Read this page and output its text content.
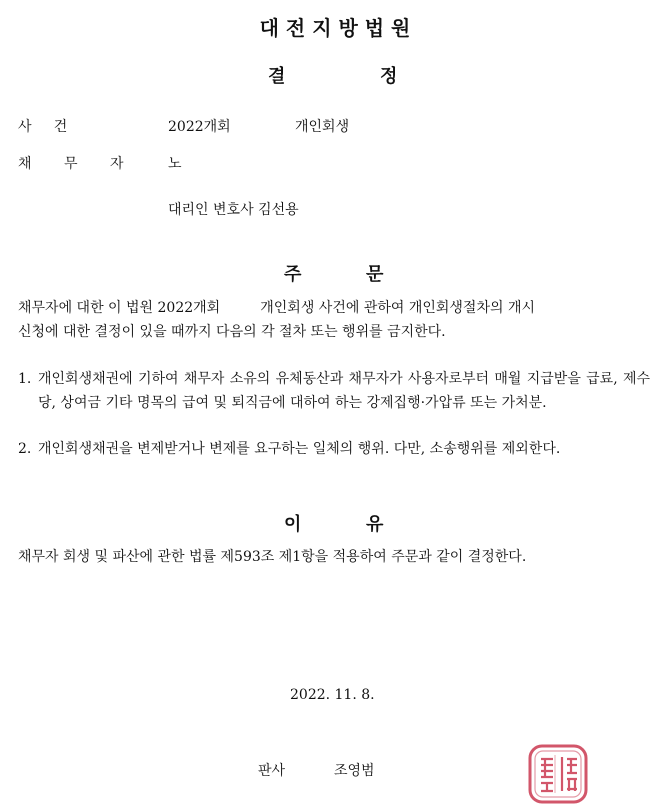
대 전 지 방 법 원
결	정
사     건	2022개회	개인회생
채 무 자 노
대리인 변호사 김선용
주	문
채무자에 대한 이 법원 2022개회         개인회생 사건에 관하여 개인회생절차의 개시
신청에 대한 결정이 있을 때까지 다음의 각 절차 또는 행위를 금지한다.
1. 개인회생채권에 기하여 채무자 소유의 유체동산과 채무자가 사용자로부터 매월 지급받을 급료, 제수당, 상여금 기타 명목의 급여 및 퇴직금에 대하여 하는 강제집행·가압류 또는 가처분.
2. 개인회생채권을 변제받거나 변제를 요구하는 일체의 행위. 다만, 소송행위를 제외한다.
이	유
채무자 회생 및 파산에 관한 법률 제593조 제1항을 적용하여 주문과 같이 결정한다.
2022. 11. 8.
판사	조영범
